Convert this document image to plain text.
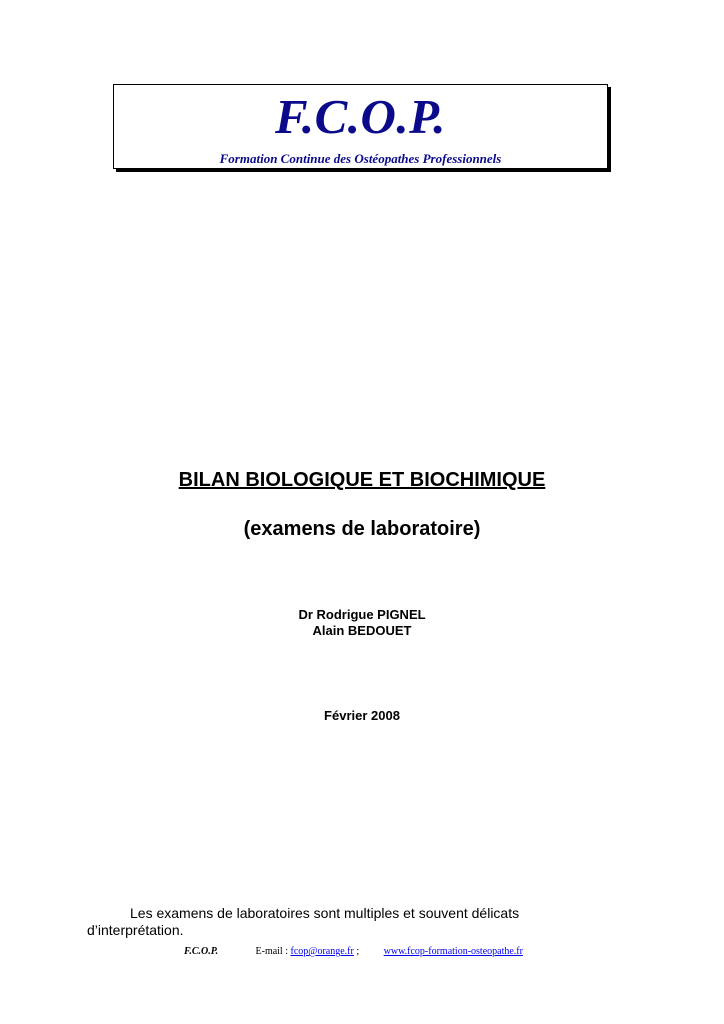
F.C.O.P.
Formation Continue des Ostéopathes Professionnels
BILAN BIOLOGIQUE ET BIOCHIMIQUE
(examens de laboratoire)
Dr Rodrigue PIGNEL
Alain BEDOUET
Février 2008
Les examens de laboratoires sont multiples et souvent délicats d’interprétation.
F.C.O.P.	E-mail : fcop@orange.fr ; www.fcop-formation-osteopathe.fr
